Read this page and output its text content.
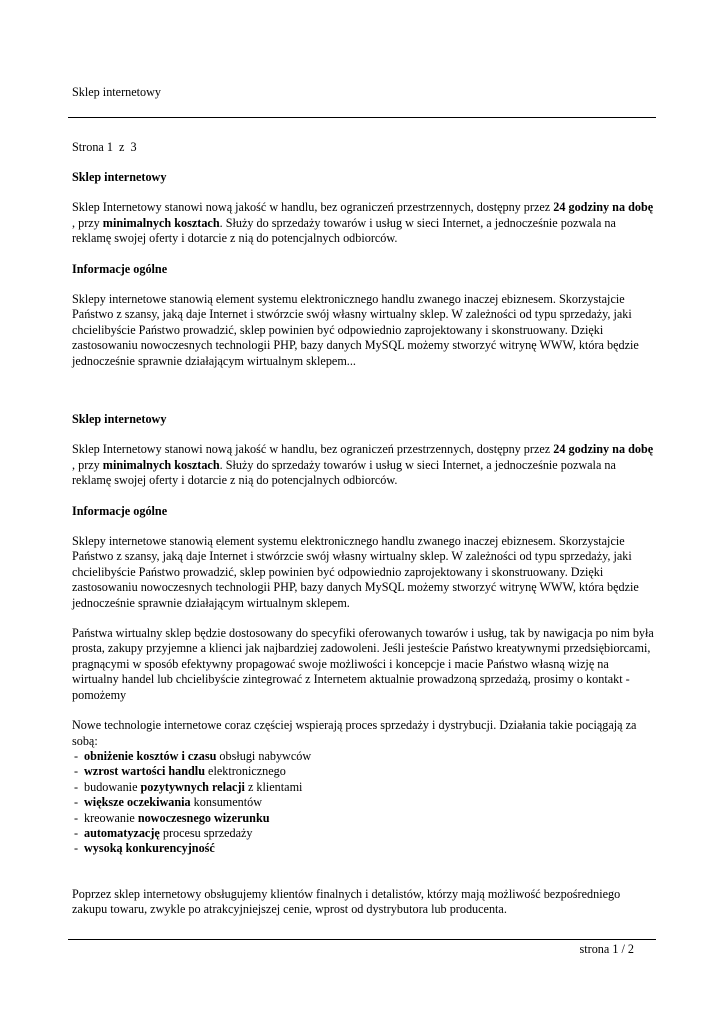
Sklep internetowy
Strona 1  z  3

Sklep internetowy

Sklep Internetowy stanowi nową jakość w handlu, bez ograniczeń przestrzennych, dostępny przez 24 godziny na dobę
, przy minimalnych kosztach. Służy do sprzedaży towarów i usług w sieci Internet, a jednocześnie pozwala na reklamę swojej oferty i dotarcie z nią do potencjalnych odbiorców.

Informacje ogólne

Sklepy internetowe stanowią element systemu elektronicznego handlu zwanego inaczej ebiznesem. Skorzystajcie Państwo z szansy, jaką daje Internet i stwórzcie swój własny wirtualny sklep. W zależności od typu sprzedaży, jaki chcielibyście Państwo prowadzić, sklep powinien być odpowiednio zaprojektowany i skonstruowany. Dzięki zastosowaniu nowoczesnych technologii PHP, bazy danych MySQL możemy stworzyć witrynę WWW, która będzie jednocześnie sprawnie działającym wirtualnym sklepem...

Sklep internetowy

Sklep Internetowy stanowi nową jakość w handlu, bez ograniczeń przestrzennych, dostępny przez 24 godziny na dobę
, przy minimalnych kosztach. Służy do sprzedaży towarów i usług w sieci Internet, a jednocześnie pozwala na reklamę swojej oferty i dotarcie z nią do potencjalnych odbiorców.

Informacje ogólne

Sklepy internetowe stanowią element systemu elektronicznego handlu zwanego inaczej ebiznesem. Skorzystajcie Państwo z szansy, jaką daje Internet i stwórzcie swój własny wirtualny sklep. W zależności od typu sprzedaży, jaki chcielibyście Państwo prowadzić, sklep powinien być odpowiednio zaprojektowany i skonstruowany. Dzięki zastosowaniu nowoczesnych technologii PHP, bazy danych MySQL możemy stworzyć witrynę WWW, która będzie jednocześnie sprawnie działającym wirtualnym sklepem.

Państwa wirtualny sklep będzie dostosowany do specyfiki oferowanych towarów i usług, tak by nawigacja po nim była prosta, zakupy przyjemne a klienci jak najbardziej zadowoleni. Jeśli jesteście Państwo kreatywnymi przedsiębiorcami, pragnącymi w sposób efektywny propagować swoje możliwości i koncepcje i macie Państwo własną wizję na wirtualny handel lub chcielibyście zintegrować z Internetem aktualnie prowadzoną sprzedażą, prosimy o kontakt - pomożemy

Nowe technologie internetowe coraz częściej wspierają proces sprzedaży i dystrybucji. Działania takie pociągają za sobą:

- obniżenie kosztów i czasu obsługi nabywców
- wzrost wartości handlu elektronicznego
- budowanie pozytywnych relacji z klientami
- większe oczekiwania konsumentów
- kreowanie nowoczesnego wizerunku
- automatyzację procesu sprzedaży
- wysoką konkurencyjność

Poprzez sklep internetowy obsługujemy klientów finalnych i detalistów, którzy mają możliwość bezpośredniego zakupu towaru, zwykle po atrakcyjniejszej cenie, wprost od dystrybutora lub producenta.

strona 1 / 2
